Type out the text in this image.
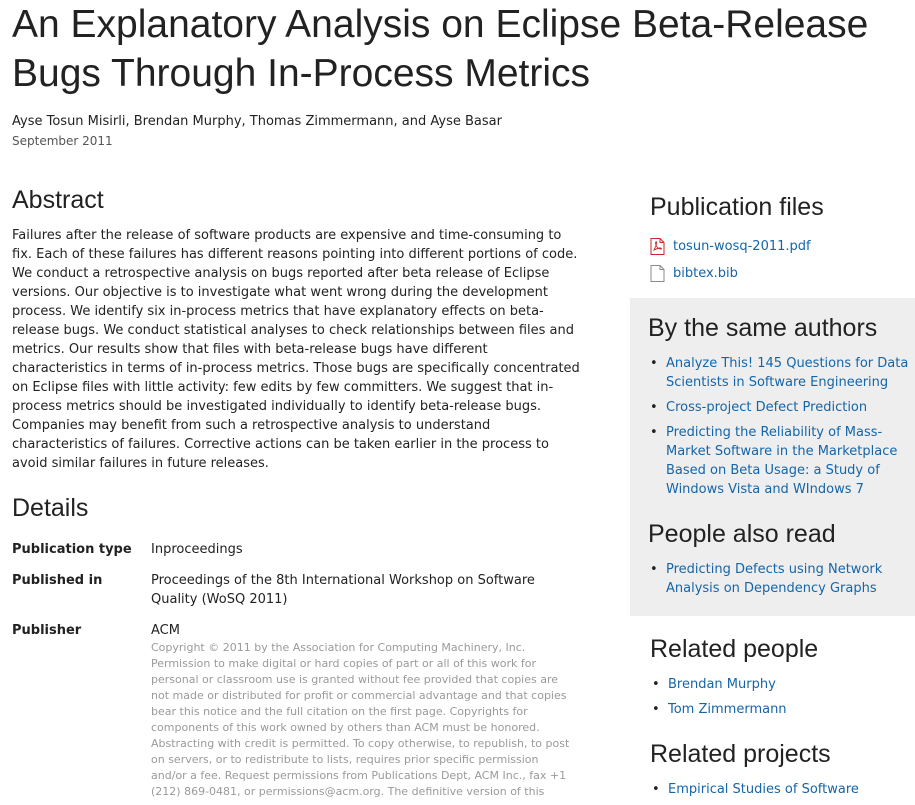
An Explanatory Analysis on Eclipse Beta-Release Bugs Through In-Process Metrics
Ayse Tosun Misirli, Brendan Murphy, Thomas Zimmermann, and Ayse Basar
September 2011
Abstract
Failures after the release of software products are expensive and time-consuming to fix. Each of these failures has different reasons pointing into different portions of code. We conduct a retrospective analysis on bugs reported after beta release of Eclipse versions. Our objective is to investigate what went wrong during the development process. We identify six in-process metrics that have explanatory effects on beta-release bugs. We conduct statistical analyses to check relationships between files and metrics. Our results show that files with beta-release bugs have different characteristics in terms of in-process metrics. Those bugs are specifically concentrated on Eclipse files with little activity: few edits by few committers. We suggest that in-process metrics should be investigated individually to identify beta-release bugs. Companies may benefit from such a retrospective analysis to understand characteristics of failures. Corrective actions can be taken earlier in the process to avoid similar failures in future releases.
Details
Publication type Inproceedings
Published in	Proceedings of the 8th International Workshop on Software Quality (WoSQ 2011)
Publisher	ACM
Copyright © 2011 by the Association for Computing Machinery, Inc. Permission to make digital or hard copies of part or all of this work for personal or classroom use is granted without fee provided that copies are not made or distributed for profit or commercial advantage and that copies bear this notice and the full citation on the first page. Copyrights for components of this work owned by others than ACM must be honored. Abstracting with credit is permitted. To copy otherwise, to republish, to post on servers, or to redistribute to lists, requires prior specific permission and/or a fee. Request permissions from Publications Dept, ACM Inc., fax +1 (212) 869-0481, or permissions@acm.org. The definitive version of this
Publication files
tosun-wosq-2011.pdf
bibtex.bib
By the same authors
• Analyze This! 145 Questions for Data Scientists in Software Engineering
• Cross-project Defect Prediction
• Predicting the Reliability of Mass-Market Software in the Marketplace Based on Beta Usage: a Study of Windows Vista and WIndows 7
People also read
• Predicting Defects using Network Analysis on Dependency Graphs
Related people
• Brendan Murphy
• Tom Zimmermann
Related projects
• Empirical Studies of Software
